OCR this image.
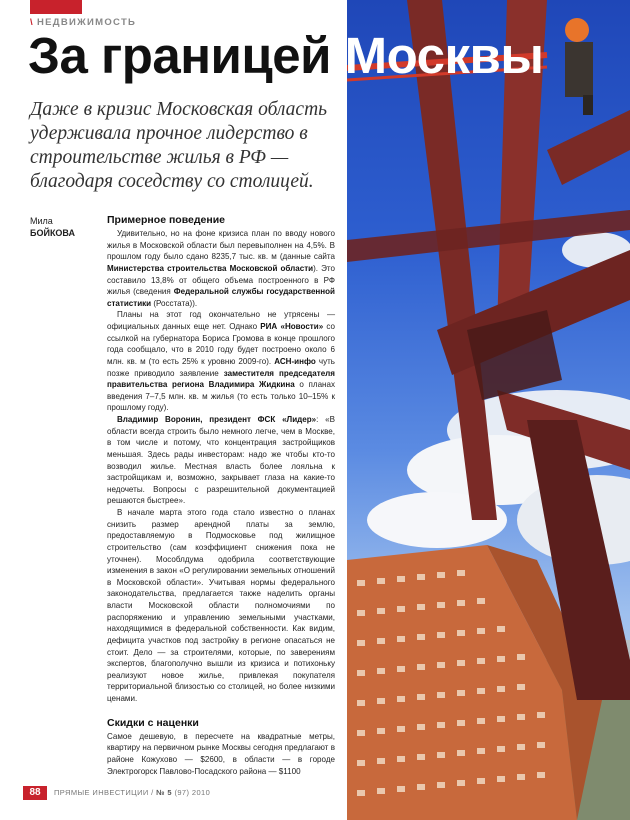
\ НЕДВИЖИМОСТЬ
За границей Москвы

Даже в кризис Московская область удерживала прочное лидерство в строительстве жилья в РФ — благодаря соседству со столицей.

Мила
БОЙКОВА
Примерное поведение

Удивительно, но на фоне кризиса план по вводу нового жилья в Московской области был перевыполнен на 4,5%. В прошлом году было сдано 8235,7 тыс. кв. м (данные сайта Министерства строительства Московской области). Это составило 13,8% от общего объема построенного в РФ жилья (сведения Федеральной службы государственной статистики (Росстата)).

Планы на этот год окончательно не утрясены — официальных данных еще нет. Однако РИА «Новости» со ссылкой на губернатора Бориса Громова в конце прошлого года сообщало, что в 2010 году будет построено около 6 млн. кв. м (то есть 25% к уровню 2009-го). АСН-инфо чуть позже приводило заявление заместителя председателя правительства региона Владимира Жидкина о планах введения 7–7,5 млн. кв. м жилья (то есть только 10–15% к прошлому году).

Владимир Воронин, президент ФСК «Лидер»: «В области всегда строить было немного легче, чем в Москве, в том числе и потому, что концентрация застройщиков меньшая. Здесь рады инвесторам: надо же чтобы кто-то возводил жилье. Местная власть более лояльна к застройщикам и, возможно, закрывает глаза на какие-то недочеты. Вопросы с разрешительной документацией решаются быстрее».

В начале марта этого года стало известно о планах снизить размер арендной платы за землю, предоставляемую в Подмосковье под жилищное строительство (сам коэффициент снижения пока не уточнен). Мособлдума одобрила соответствующие изменения в закон «О регулировании земельных отношений в Московской области». Учитывая нормы федерального законодательства, предлагается также наделить органы власти Московской области полномочиями по распоряжению и управлению земельными участками, находящимися в федеральной собственности. Как видим, дефицита участков под застройку в регионе опасаться не стоит. Дело — за строителями, которые, по заверениям экспертов, благополучно вышли из кризиса и потихоньку реализуют новое жилье, привлекая покупателя территориальной близостью со столицей, но более низкими ценами.

Скидки с наценки

Самое дешевую, в пересчете на квадратные метры, квартиру на первичном рынке Москвы сегодня предлагают в районе Кожухово — $2600, в области — в городе Электрогорск Павлово-Посадского района — $1100

88	ПРЯМЫЕ ИНВЕСТИЦИИ / № 5 (97) 2010
